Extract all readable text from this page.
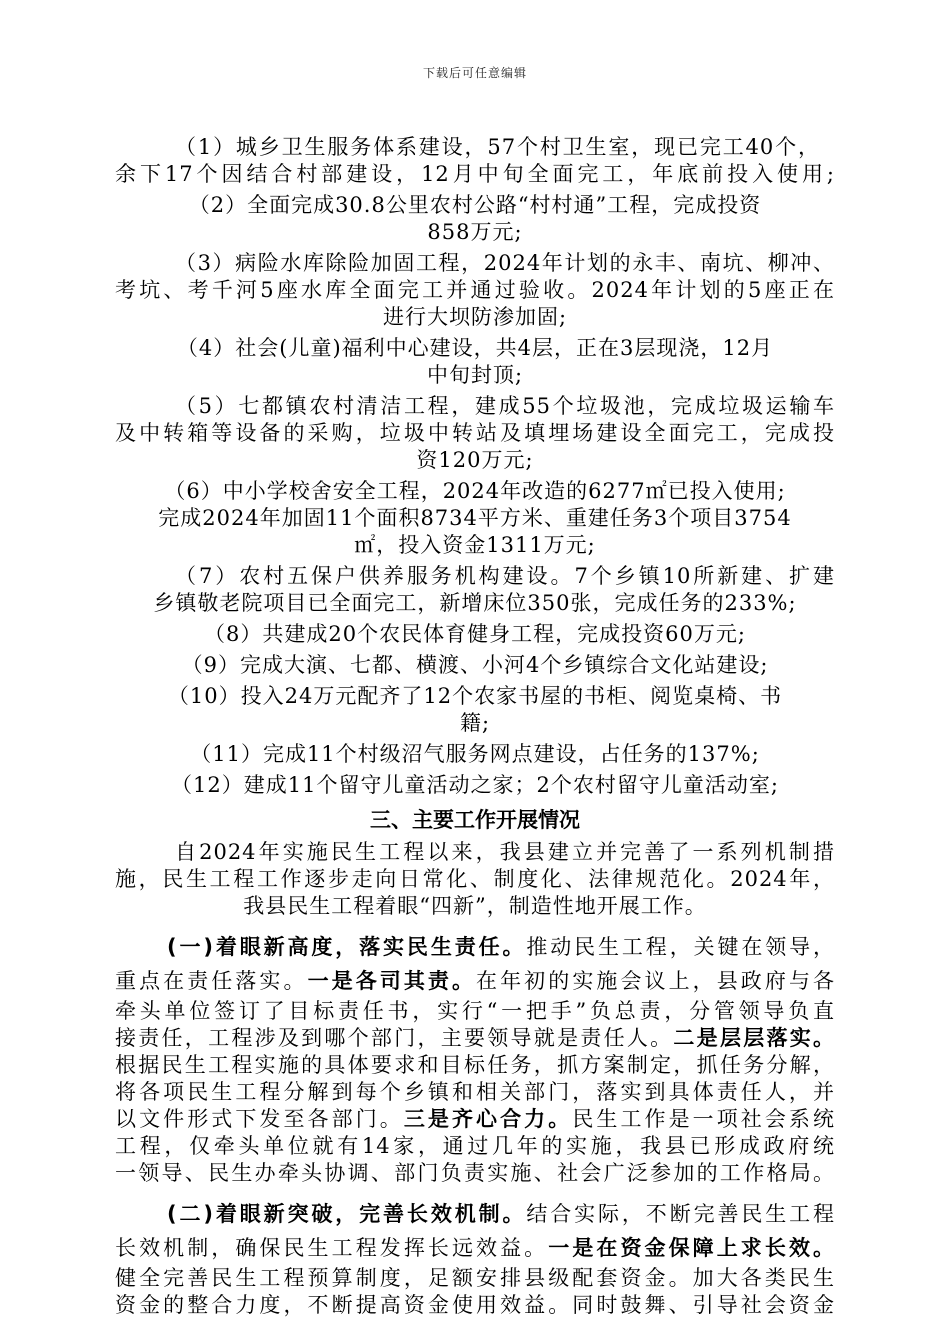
下载后可任意编辑
（1）城乡卫生服务体系建设，57个村卫生室，现已完工40个，
余下17个因结合村部建设，12月中旬全面完工，年底前投入使用;
（2）全面完成30.8公里农村公路“村村通”工程，完成投资
858万元;
（3）病险水库除险加固工程，2024年计划的永丰、南坑、柳冲、
考坑、考千河5座水库全面完工并通过验收。2024年计划的5座正在
进行大坝防渗加固;
（4）社会(儿童)福利中心建设，共4层，正在3层现浇，12月
中旬封顶;
（5）七都镇农村清洁工程，建成55个垃圾池，完成垃圾运输车
及中转箱等设备的采购，垃圾中转站及填埋场建设全面完工，完成投
资120万元;
（6）中小学校舍安全工程，2024年改造的6277㎡已投入使用;
完成2024年加固11个面积8734平方米、重建任务3个项目3754
㎡，投入资金1311万元;
（7）农村五保户供养服务机构建设。7个乡镇10所新建、扩建
乡镇敬老院项目已全面完工，新增床位350张，完成任务的233%;
（8）共建成20个农民体育健身工程，完成投资60万元;
（9）完成大演、七都、横渡、小河4个乡镇综合文化站建设;
（10）投入24万元配齐了12个农家书屋的书柜、阅览桌椅、书
籍;
（11）完成11个村级沼气服务网点建设，占任务的137%;
（12）建成11个留守儿童活动之家；2个农村留守儿童活动室;
三、主要工作开展情况
自2024年实施民生工程以来，我县建立并完善了一系列机制措
施，民生工程工作逐步走向日常化、制度化、法律规范化。2024年，
我县民生工程着眼“四新”，制造性地开展工作。
(一)着眼新高度，落实民生责任。推动民生工程，关键在领导，
重点在责任落实。一是各司其责。在年初的实施会议上，县政府与各
牵头单位签订了目标责任书，实行“一把手”负总责，分管领导负直
接责任，工程涉及到哪个部门，主要领导就是责任人。二是层层落实。
根据民生工程实施的具体要求和目标任务，抓方案制定，抓任务分解，
将各项民生工程分解到每个乡镇和相关部门，落实到具体责任人，并
以文件形式下发至各部门。三是齐心合力。民生工作是一项社会系统
工程，仅牵头单位就有14家，通过几年的实施，我县已形成政府统
一领导、民生办牵头协调、部门负责实施、社会广泛参加的工作格局。
(二)着眼新突破，完善长效机制。结合实际，不断完善民生工程
长效机制，确保民生工程发挥长远效益。一是在资金保障上求长效。
健全完善民生工程预算制度，足额安排县级配套资金。加大各类民生
资金的整合力度，不断提高资金使用效益。同时鼓舞、引导社会资金
